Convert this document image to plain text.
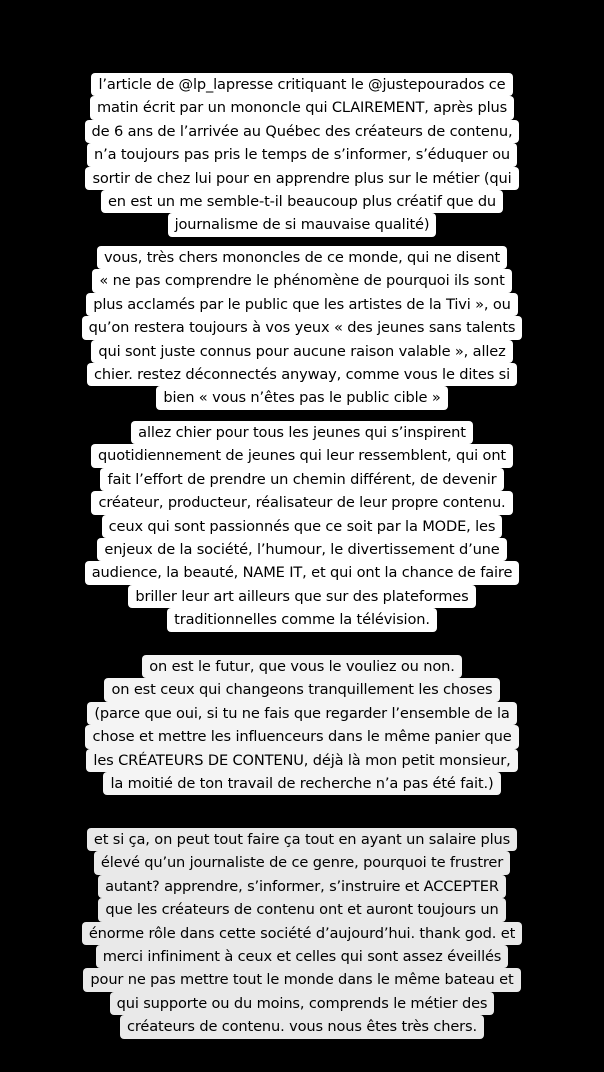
l’article de @lp_lapresse critiquant le @justepourados ce
matin écrit par un mononcle qui CLAIREMENT, après plus
de 6 ans de l’arrivée au Québec des créateurs de contenu,
n’a toujours pas pris le temps de s’informer, s’éduquer ou
sortir de chez lui pour en apprendre plus sur le métier (qui
en est un me semble-t-il beaucoup plus créatif que du
journalisme de si mauvaise qualité)
vous, très chers mononcles de ce monde, qui ne disent
« ne pas comprendre le phénomène de pourquoi ils sont
plus acclamés par le public que les artistes de la Tivi », ou
qu’on restera toujours à vos yeux « des jeunes sans talents
qui sont juste connus pour aucune raison valable », allez
chier. restez déconnectés anyway, comme vous le dites si
bien « vous n’êtes pas le public cible »
allez chier pour tous les jeunes qui s’inspirent
quotidiennement de jeunes qui leur ressemblent, qui ont
fait l’effort de prendre un chemin différent, de devenir
créateur, producteur, réalisateur de leur propre contenu.
ceux qui sont passionnés que ce soit par la MODE, les
enjeux de la société, l’humour, le divertissement d’une
audience, la beauté, NAME IT, et qui ont la chance de faire
briller leur art ailleurs que sur des plateformes
traditionnelles comme la télévision.
on est le futur, que vous le vouliez ou non.
on est ceux qui changeons tranquillement les choses
(parce que oui, si tu ne fais que regarder l’ensemble de la
chose et mettre les influenceurs dans le même panier que
les CRÉATEURS DE CONTENU, déjà là mon petit monsieur,
la moitié de ton travail de recherche n’a pas été fait.)
et si ça, on peut tout faire ça tout en ayant un salaire plus
élevé qu’un journaliste de ce genre, pourquoi te frustrer
autant? apprendre, s’informer, s’instruire et ACCEPTER
que les créateurs de contenu ont et auront toujours un
énorme rôle dans cette société d’aujourd’hui. thank god. et
merci infiniment à ceux et celles qui sont assez éveillés
pour ne pas mettre tout le monde dans le même bateau et
qui supporte ou du moins, comprends le métier des
créateurs de contenu. vous nous êtes très chers.
